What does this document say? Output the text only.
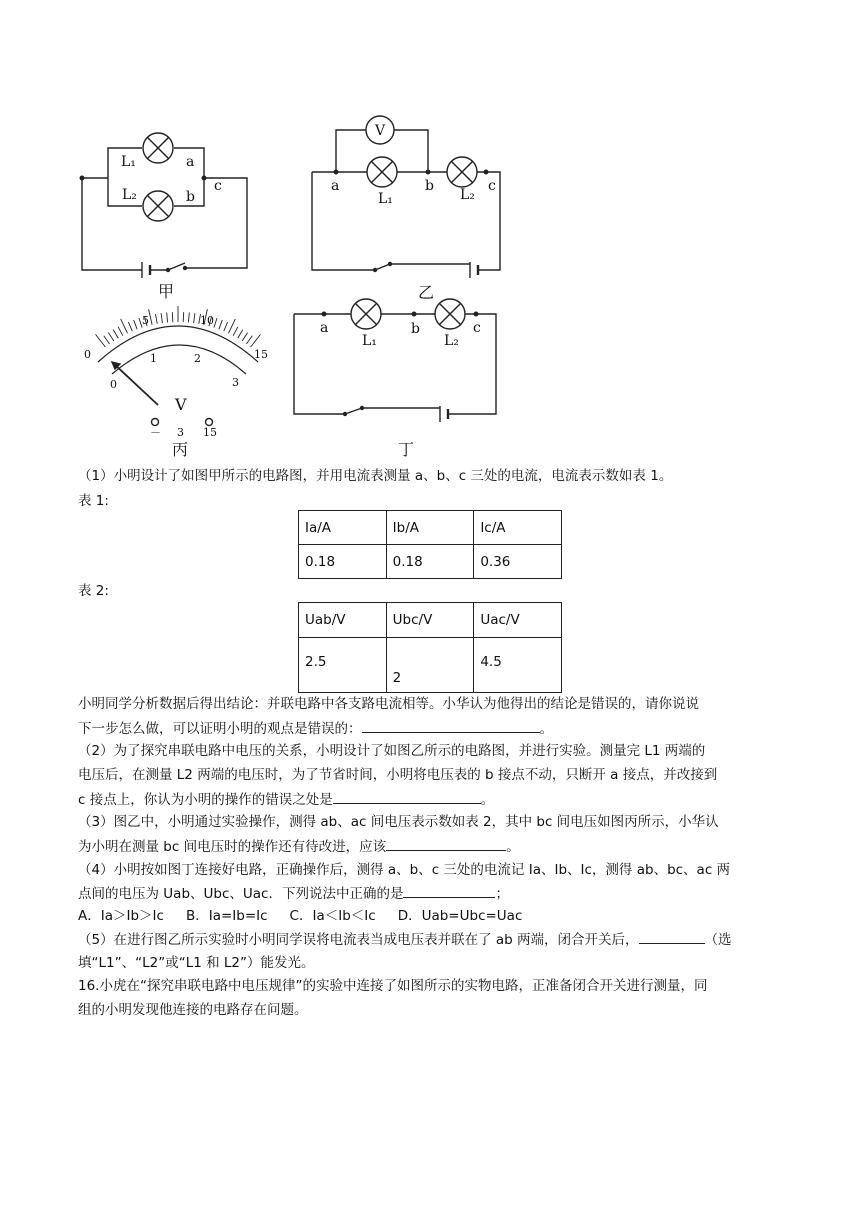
L₁
L₂
a
b
c
甲
V
a	b	c
L₁	L₂
乙
0
5	10
15
0
1	2
3
V
－ 3 15
丙
a	b	c
L₁	L₂
丁
（1）小明设计了如图甲所示的电路图，并用电流表测量 a、b、c 三处的电流，电流表示数如表 1。
表 1:
Ia/A	Ib/A	Ic/A
0.18	0.18	0.36
表 2:
Uab/V	Ubc/V	Uac/V
2.5	2	4.5
小明同学分析数据后得出结论：并联电路中各支路电流相等。小华认为他得出的结论是错误的，请你说说
下一步怎么做，可以证明小明的观点是错误的：	。
（2）为了探究串联电路中电压的关系，小明设计了如图乙所示的电路图，并进行实验。测量完 L1 两端的
电压后，在测量 L2 两端的电压时，为了节省时间，小明将电压表的 b 接点不动，只断开 a 接点，并改接到
c 接点上，你认为小明的操作的错误之处是	。
（3）图乙中，小明通过实验操作，测得 ab、ac 间电压表示数如表 2，其中 bc 间电压如图丙所示，小华认
为小明在测量 bc 间电压时的操作还有待改进，应该	。
（4）小明按如图丁连接好电路，正确操作后，测得 a、b、c 三处的电流记 Ia、Ib、Ic，测得 ab、bc、ac 两
点间的电压为 Uab、Ubc、Uac．下列说法中正确的是	；
A．Ia＞Ib＞Ic B．Ia=Ib=Ic C．Ia＜Ib＜Ic D．Uab=Ubc=Uac
（5）在进行图乙所示实验时小明同学误将电流表当成电压表并联在了 ab 两端，闭合开关后，	（选
填“L1”、“L2”或“L1 和 L2”）能发光。
16.小虎在“探究串联电路中电压规律”的实验中连接了如图所示的实物电路，正准备闭合开关进行测量，同
组的小明发现他连接的电路存在问题。
